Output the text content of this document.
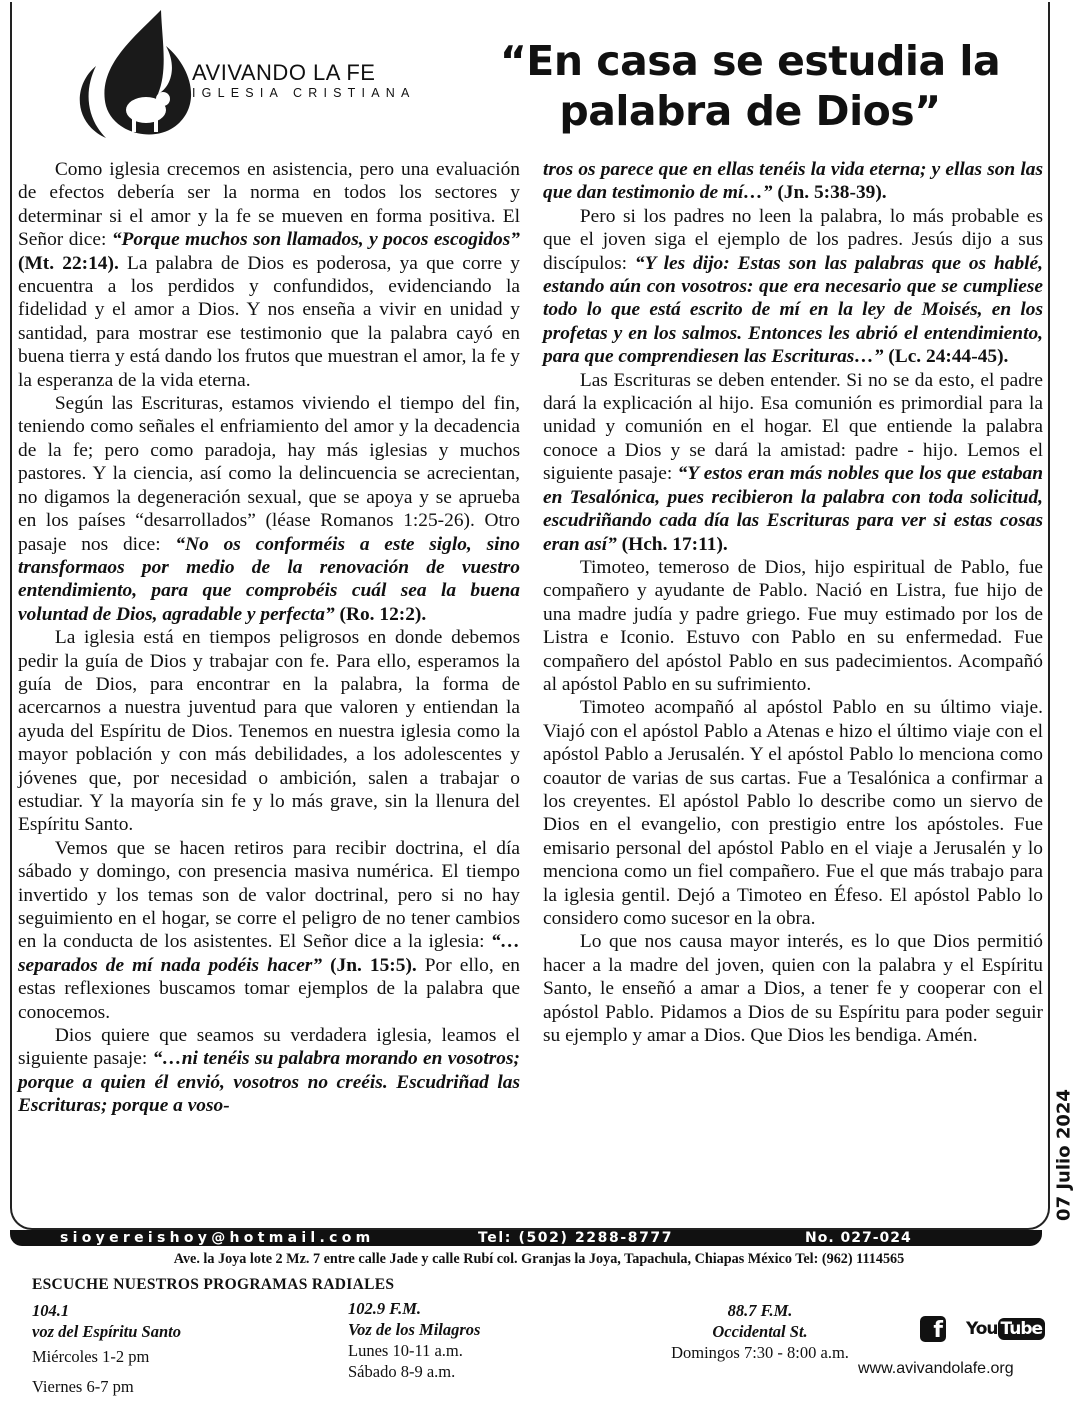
AVIVANDO LA FE
IGLESIA CRISTIANA
“En casa se estudia la
palabra de Dios”

Como iglesia crecemos en asistencia, pero una evaluación de efectos debería ser la norma en todos los sectores y determinar si el amor y la fe se mueven en forma positiva. El Señor dice: “Porque muchos son llamados, y pocos escogidos” (Mt. 22:14). La palabra de Dios es poderosa, ya que corre y encuentra a los perdidos y confundidos, evidenciando la fidelidad y el amor a Dios. Y nos enseña a vivir en unidad y santidad, para mostrar ese testimonio que la palabra cayó en buena tierra y está dando los frutos que muestran el amor, la fe y la esperanza de la vida eterna.

Según las Escrituras, estamos viviendo el tiempo del fin, teniendo como señales el enfriamiento del amor y la decadencia de la fe; pero como paradoja, hay más iglesias y muchos pastores. Y la ciencia, así como la delincuencia se acrecientan, no digamos la degeneración sexual, que se apoya y se aprueba en los países “desarrollados” (léase Romanos 1:25-26). Otro pasaje nos dice: “No os conforméis a este siglo, sino transformaos por medio de la renovación de vuestro entendimiento, para que comprobéis cuál sea la buena voluntad de Dios, agradable y perfecta” (Ro. 12:2).

La iglesia está en tiempos peligrosos en donde debemos pedir la guía de Dios y trabajar con fe. Para ello, esperamos la guía de Dios, para encontrar en la palabra, la forma de acercarnos a nuestra juventud para que valoren y entiendan la ayuda del Espíritu de Dios. Tenemos en nuestra iglesia como la mayor población y con más debilidades, a los adolescentes y jóvenes que, por necesidad o ambición, salen a trabajar o estudiar. Y la mayoría sin fe y lo más grave, sin la llenura del Espíritu Santo.

Vemos que se hacen retiros para recibir doctrina, el día sábado y domingo, con presencia masiva numérica. El tiempo invertido y los temas son de valor doctrinal, pero si no hay seguimiento en el hogar, se corre el peligro de no tener cambios en la conducta de los asistentes. El Señor dice a la iglesia: “…separados de mí nada podéis hacer” (Jn. 15:5). Por ello, en estas reflexiones buscamos tomar ejemplos de la palabra que conocemos.

Dios quiere que seamos su verdadera iglesia, leamos el siguiente pasaje: “…ni tenéis su palabra morando en vosotros; porque a quien él envió, vosotros no creéis. Escudriñad las Escrituras; porque a voso-

tros os parece que en ellas tenéis la vida eterna; y ellas son las que dan testimonio de mí…” (Jn. 5:38-39).

Pero si los padres no leen la palabra, lo más probable es que el joven siga el ejemplo de los padres. Jesús dijo a sus discípulos: “Y les dijo: Estas son las palabras que os hablé, estando aún con vosotros: que era necesario que se cumpliese todo lo que está escrito de mí en la ley de Moisés, en los profetas y en los salmos. Entonces les abrió el entendimiento, para que comprendiesen las Escrituras…” (Lc. 24:44-45).

Las Escrituras se deben entender. Si no se da esto, el padre dará la explicación al hijo. Esa comunión es primordial para la unidad y comunión en el hogar. El que entiende la palabra conoce a Dios y se dará la amistad: padre - hijo. Lemos el siguiente pasaje: “Y estos eran más nobles que los que estaban en Tesalónica, pues recibieron la palabra con toda solicitud, escudriñando cada día las Escrituras para ver si estas cosas eran así” (Hch. 17:11).

Timoteo, temeroso de Dios, hijo espiritual de Pablo, fue compañero y ayudante de Pablo. Nació en Listra, fue hijo de una madre judía y padre griego. Fue muy estimado por los de Listra e Iconio. Estuvo con Pablo en su enfermedad. Fue compañero del apóstol Pablo en sus padecimientos. Acompañó al apóstol Pablo en su sufrimiento.

Timoteo acompañó al apóstol Pablo en su último viaje. Viajó con el apóstol Pablo a Atenas e hizo el último viaje con el apóstol Pablo a Jerusalén. Y el apóstol Pablo lo menciona como coautor de varias de sus cartas. Fue a Tesalónica a confirmar a los creyentes. El apóstol Pablo lo describe como un siervo de Dios en el evangelio, con prestigio entre los apóstoles. Fue emisario personal del apóstol Pablo en el viaje a Jerusalén y lo menciona como un fiel compañero. Fue el que más trabajo para la iglesia gentil. Dejó a Timoteo en Éfeso. El apóstol Pablo lo considero como sucesor en la obra.

Lo que nos causa mayor interés, es lo que Dios permitió hacer a la madre del joven, quien con la palabra y el Espíritu Santo, le enseñó a amar a Dios, a tener fe y cooperar con el apóstol Pablo. Pidamos a Dios de su Espíritu para poder seguir su ejemplo y amar a Dios. Que Dios les bendiga. Amén.

07 Julio 2024
sioyereishoy@hotmail.com	Tel: (502) 2288-8777	No. 027-024
Ave. la Joya lote 2 Mz. 7 entre calle Jade y calle Rubí col. Granjas la Joya, Tapachula, Chiapas México Tel: (962) 1114565
ESCUCHE NUESTROS PROGRAMAS RADIALES
104.1
voz del Espíritu Santo
Miércoles 1-2 pm
Viernes 6-7 pm
102.9 F.M.
Voz de los Milagros
Lunes 10-11 a.m.
Sábado 8-9 a.m.
88.7 F.M.
Occidental St.
Domingos 7:30 - 8:00 a.m.
f You Tube
www.avivandolafe.org
